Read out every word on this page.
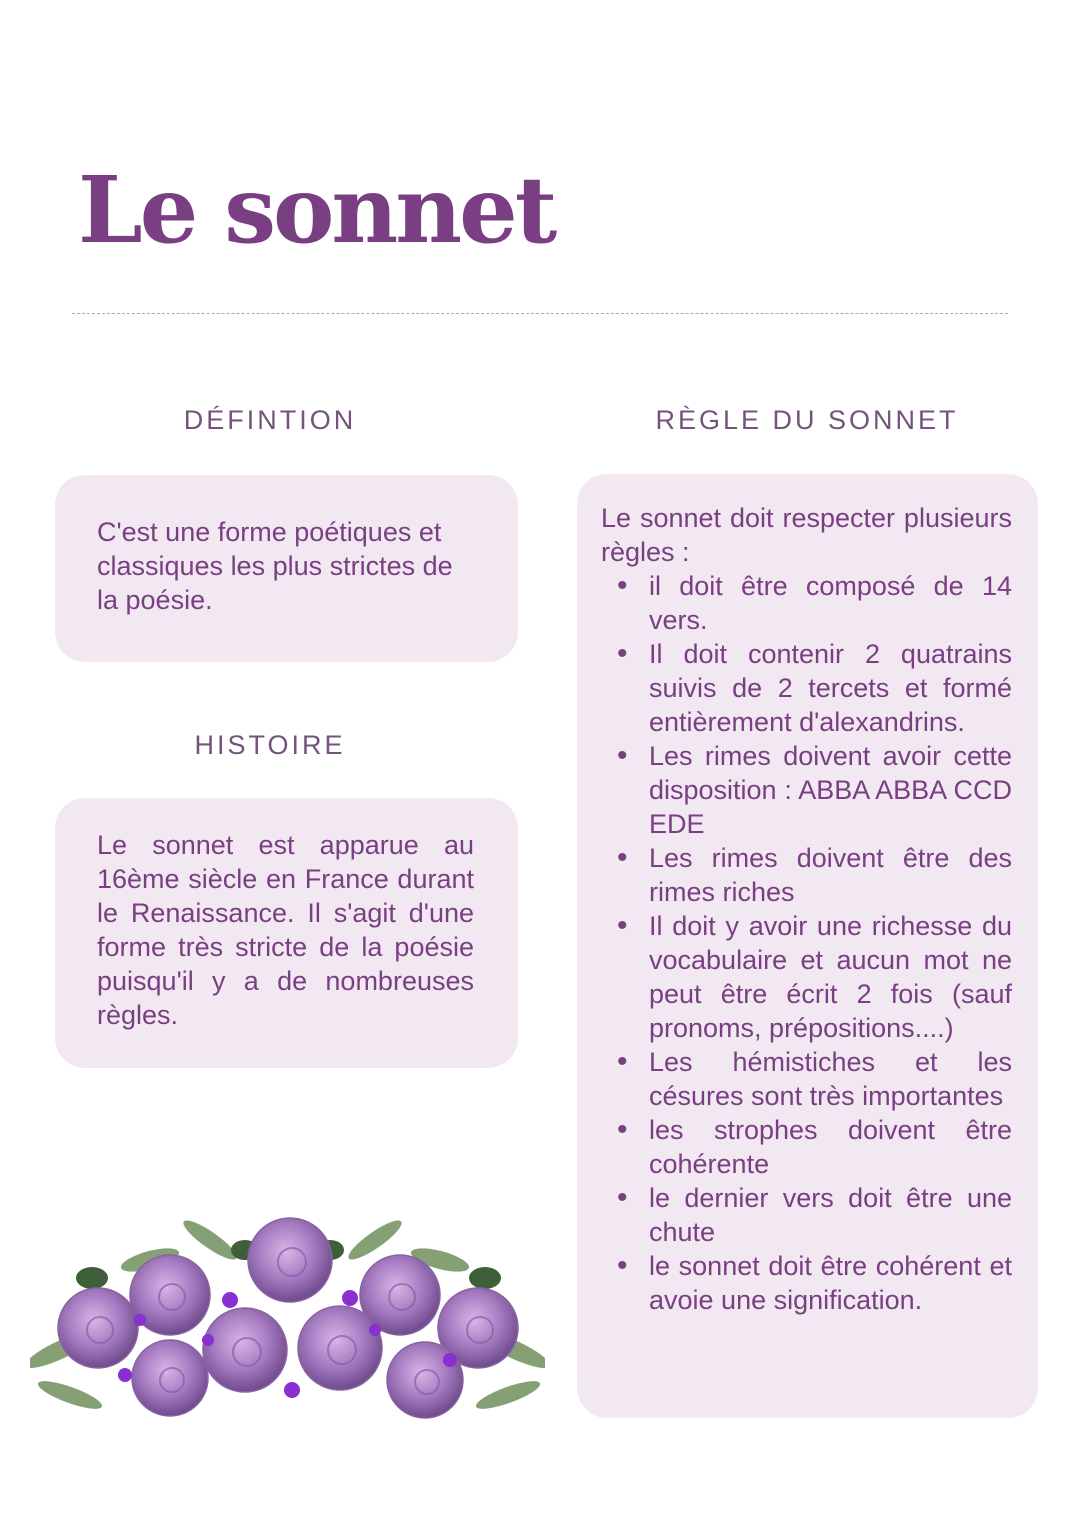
Le sonnet
DÉFINTION

C'est une forme poétiques et classiques les plus strictes de la poésie.

HISTOIRE

Le sonnet est apparue au 16ème siècle en France durant le Renaissance. Il s'agit d'une forme très stricte de la poésie puisqu'il y a de nombreuses règles.

RÈGLE DU SONNET

Le sonnet doit respecter plusieurs règles :

• il doit être composé de 14 vers.
• Il doit contenir 2 quatrains suivis de 2 tercets et formé entièrement d'alexandrins.
• Les rimes doivent avoir cette disposition : ABBA ABBA CCD EDE
• Les rimes doivent être des rimes riches
• Il doit y avoir une richesse du vocabulaire et aucun mot ne peut être écrit 2 fois (sauf pronoms, prépositions....)
• Les hémistiches et les césures sont très importantes
• les strophes doivent être cohérente
• le dernier vers doit être une chute
• le sonnet doit être cohérent et avoie une signification.
